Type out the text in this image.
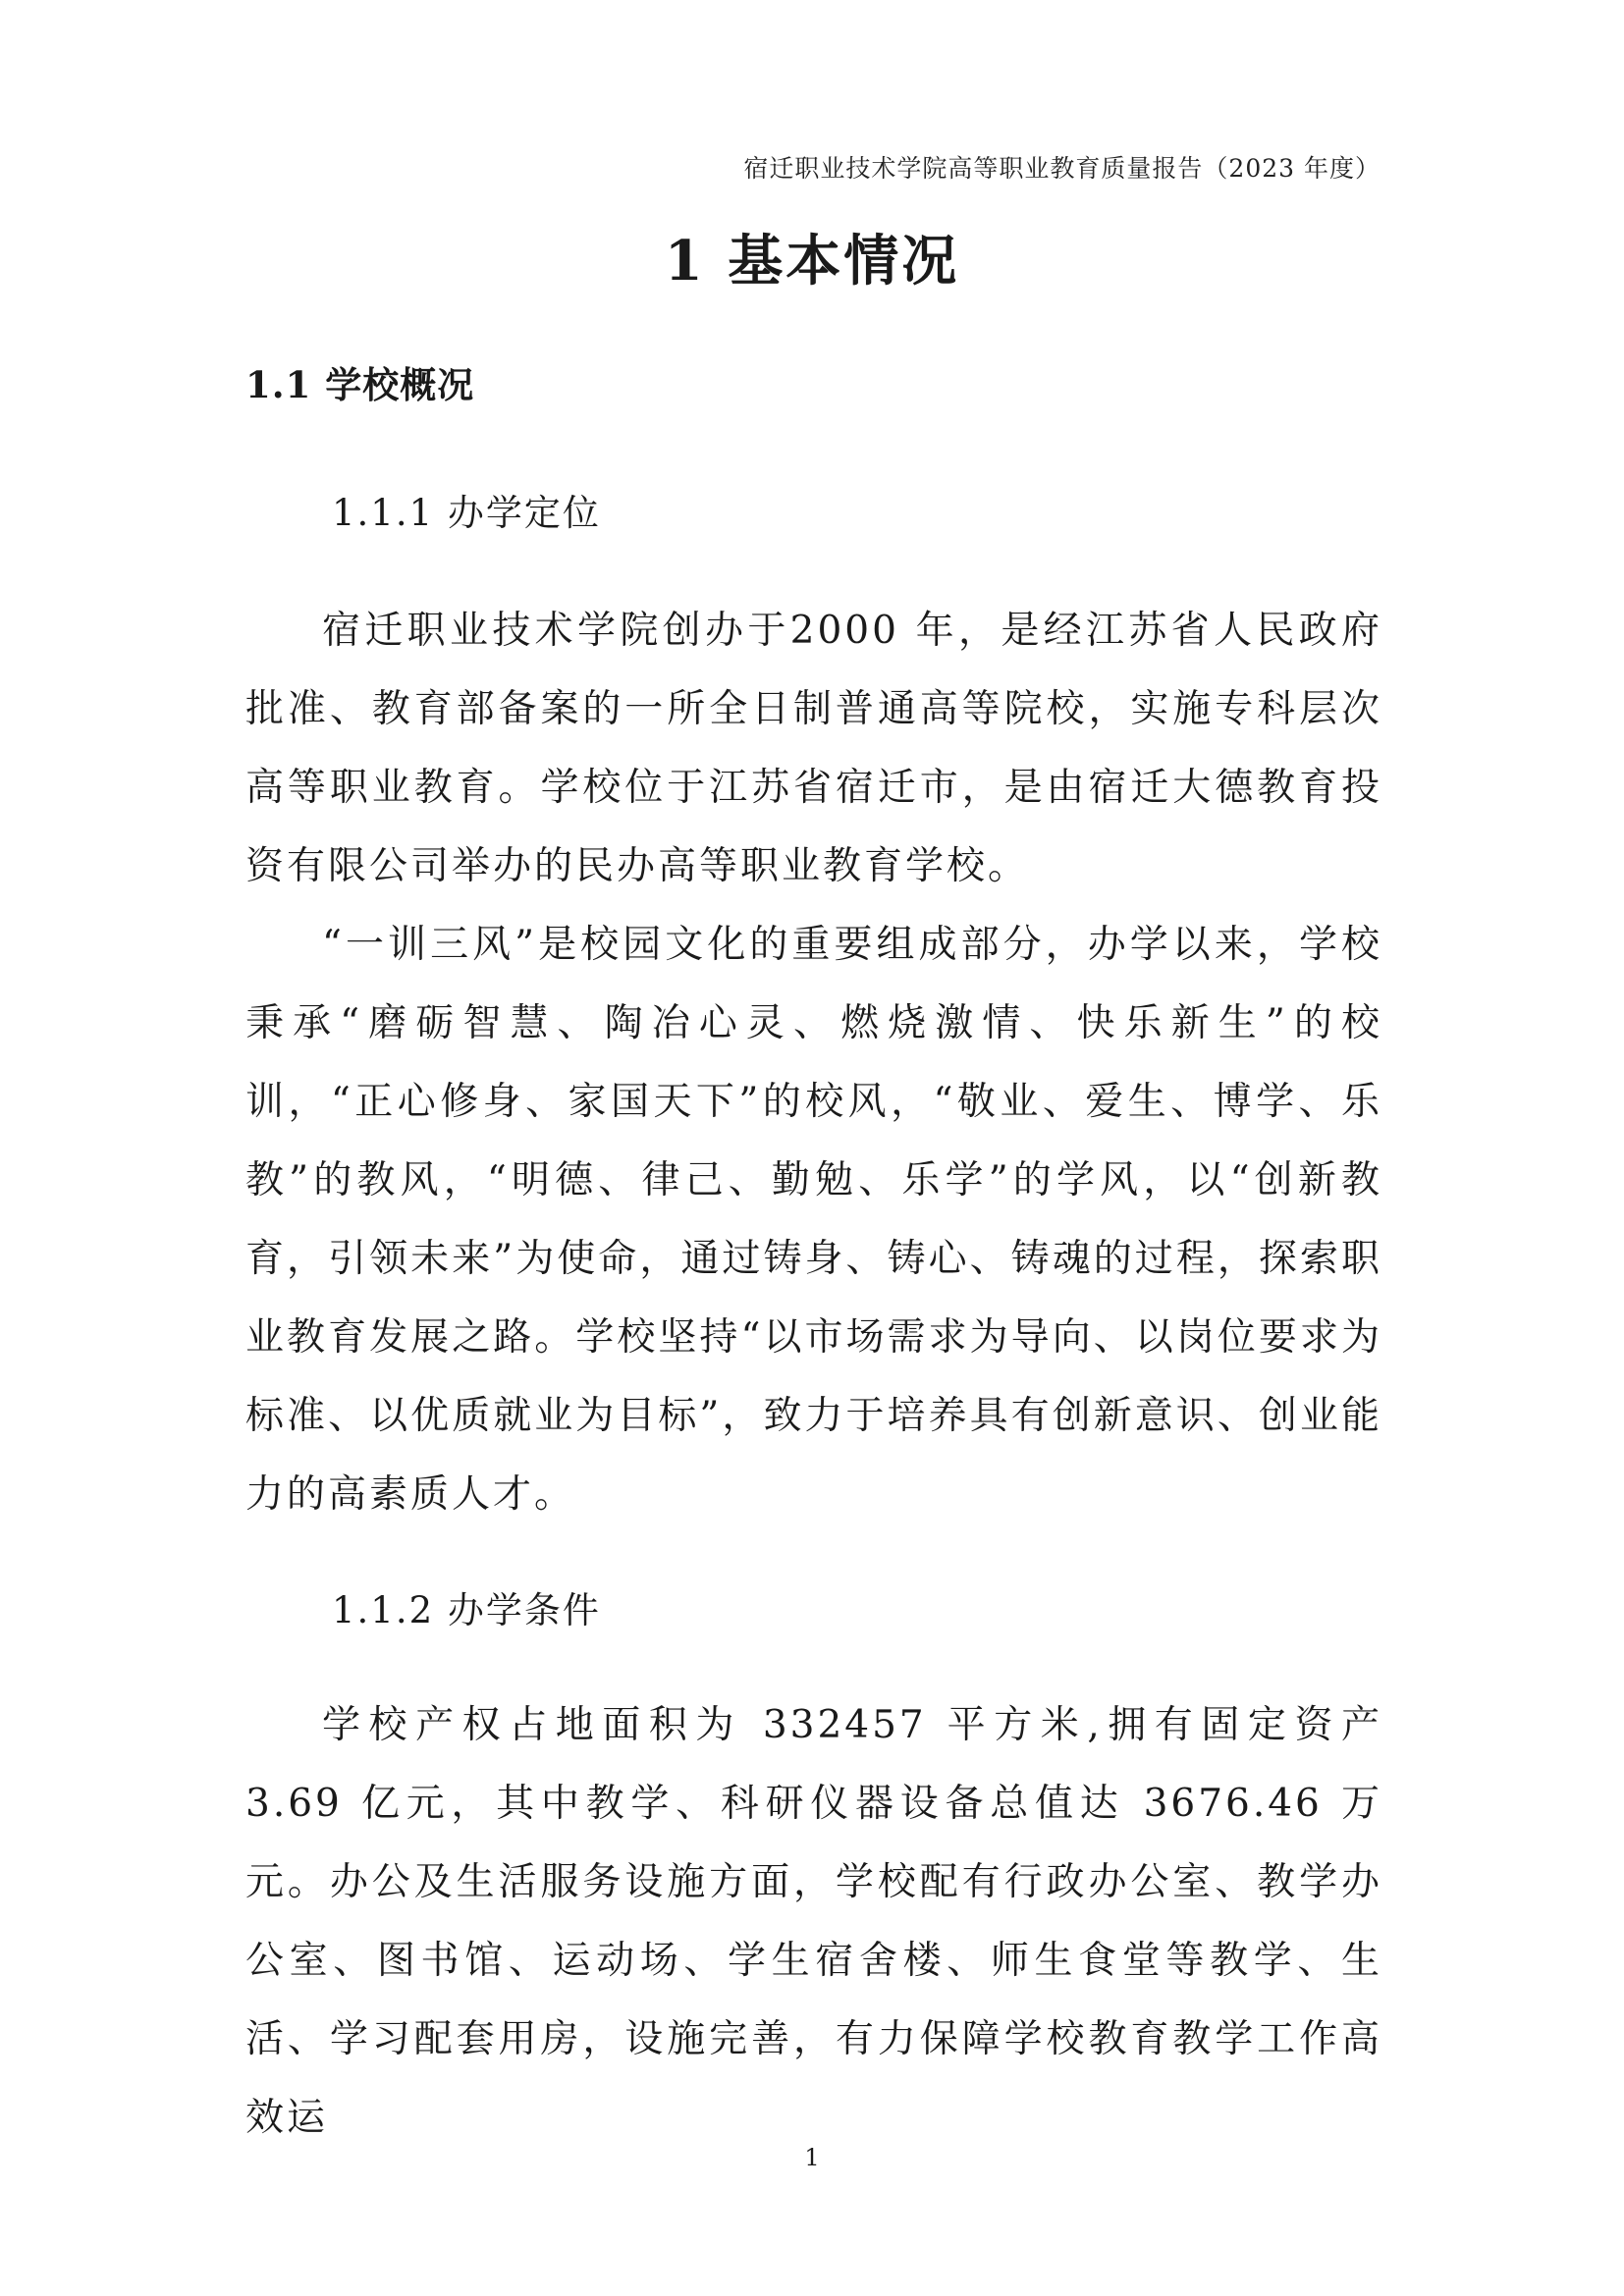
宿迁职业技术学院高等职业教育质量报告（2023 年度）
1 基本情况
1.1 学校概况
1.1.1 办学定位

宿迁职业技术学院创办于2000 年，是经江苏省人民政府批准、教育部备案的一所全日制普通高等院校，实施专科层次高等职业教育。学校位于江苏省宿迁市，是由宿迁大德教育投资有限公司举办的民办高等职业教育学校。

“一训三风”是校园文化的重要组成部分，办学以来，学校秉承“磨砺智慧、陶冶心灵、燃烧激情、快乐新生”的校训，“正心修身、家国天下”的校风，“敬业、爱生、博学、乐教”的教风，“明德、律己、勤勉、乐学”的学风，以“创新教育，引领未来”为使命，通过铸身、铸心、铸魂的过程，探索职业教育发展之路。学校坚持“以市场需求为导向、以岗位要求为标准、以优质就业为目标”，致力于培养具有创新意识、创业能力的高素质人才。

1.1.2 办学条件

学校产权占地面积为 332457 平方米,拥有固定资产 3.69 亿元，其中教学、科研仪器设备总值达 3676.46 万元。办公及生活服务设施方面，学校配有行政办公室、教学办公室、图书馆、运动场、学生宿舍楼、师生食堂等教学、生活、学习配套用房，设施完善，有力保障学校教育教学工作高效运

1
